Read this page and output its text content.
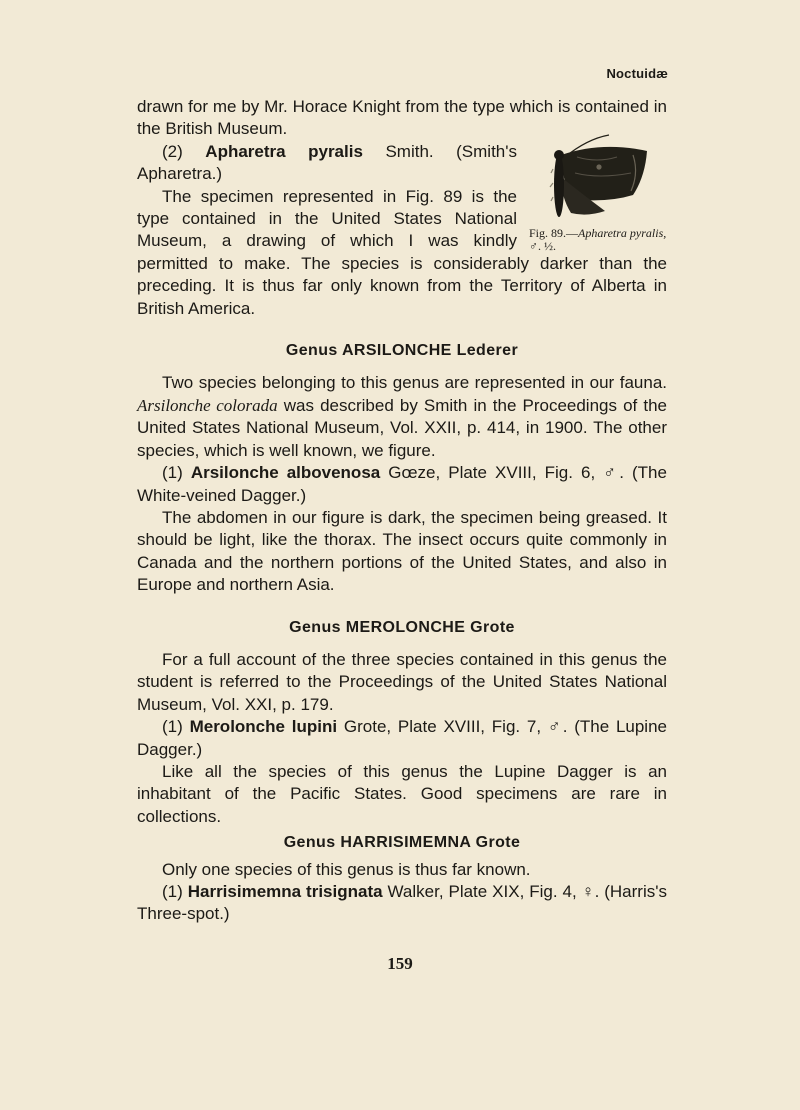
Noctuidæ

drawn for me by Mr. Horace Knight from the type which is contained in the British Museum.

Fig. 89.—Apharetra pyralis, ♂. ½.

(2) Apharetra pyralis Smith. (Smith's Apharetra.)

The specimen represented in Fig. 89 is the type contained in the United States National Museum, a drawing of which I was kindly permitted to make. The species is considerably darker than the preceding. It is thus far only known from the Territory of Alberta in British America.

Genus ARSILONCHE Lederer

Two species belonging to this genus are represented in our fauna. Arsilonche colorada was described by Smith in the Proceedings of the United States National Museum, Vol. XXII, p. 414, in 1900. The other species, which is well known, we figure.

(1) Arsilonche albovenosa Gœze, Plate XVIII, Fig. 6, ♂. (The White-veined Dagger.)

The abdomen in our figure is dark, the specimen being greased. It should be light, like the thorax. The insect occurs quite commonly in Canada and the northern portions of the United States, and also in Europe and northern Asia.

Genus MEROLONCHE Grote

For a full account of the three species contained in this genus the student is referred to the Proceedings of the United States National Museum, Vol. XXI, p. 179.

(1) Merolonche lupini Grote, Plate XVIII, Fig. 7, ♂. (The Lupine Dagger.)

Like all the species of this genus the Lupine Dagger is an inhabitant of the Pacific States. Good specimens are rare in collections.

Genus HARRISIMEMNA Grote

Only one species of this genus is thus far known.

(1) Harrisimemna trisignata Walker, Plate XIX, Fig. 4, ♀. (Harris's Three-spot.)

159
